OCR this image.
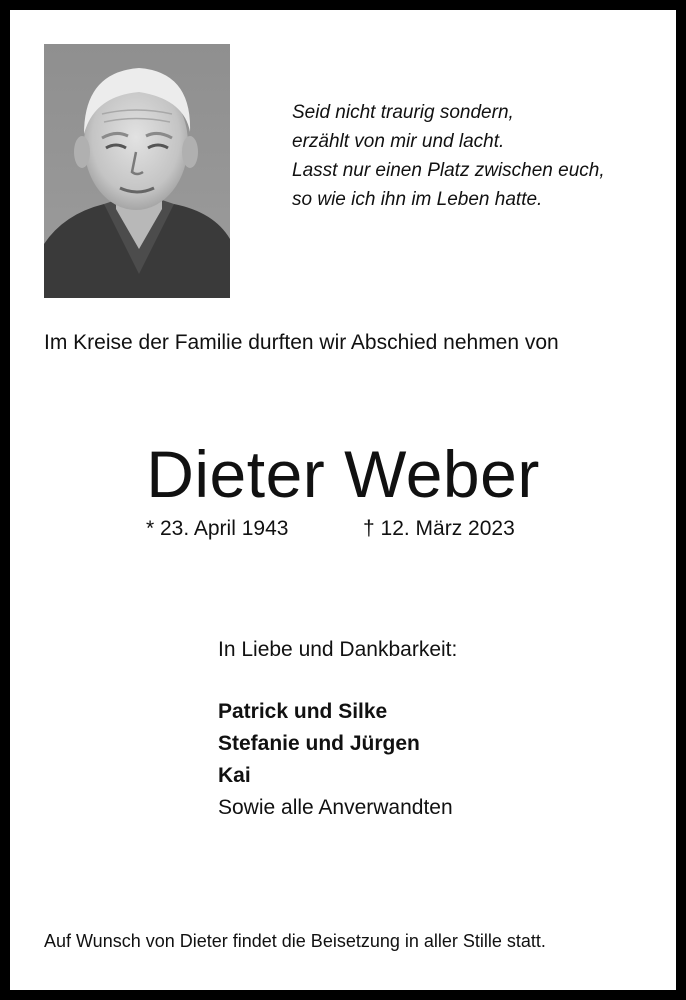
Seid nicht traurig sondern,
erzählt von mir und lacht.
Lasst nur einen Platz zwischen euch,
so wie ich ihn im Leben hatte.
Im Kreise der Familie durften wir Abschied nehmen von
Dieter Weber
* 23. April 1943	† 12. März 2023
In Liebe und Dankbarkeit:
Patrick und Silke
Stefanie und Jürgen
Kai
Sowie alle Anverwandten
Auf Wunsch von Dieter findet die Beisetzung in aller Stille statt.
